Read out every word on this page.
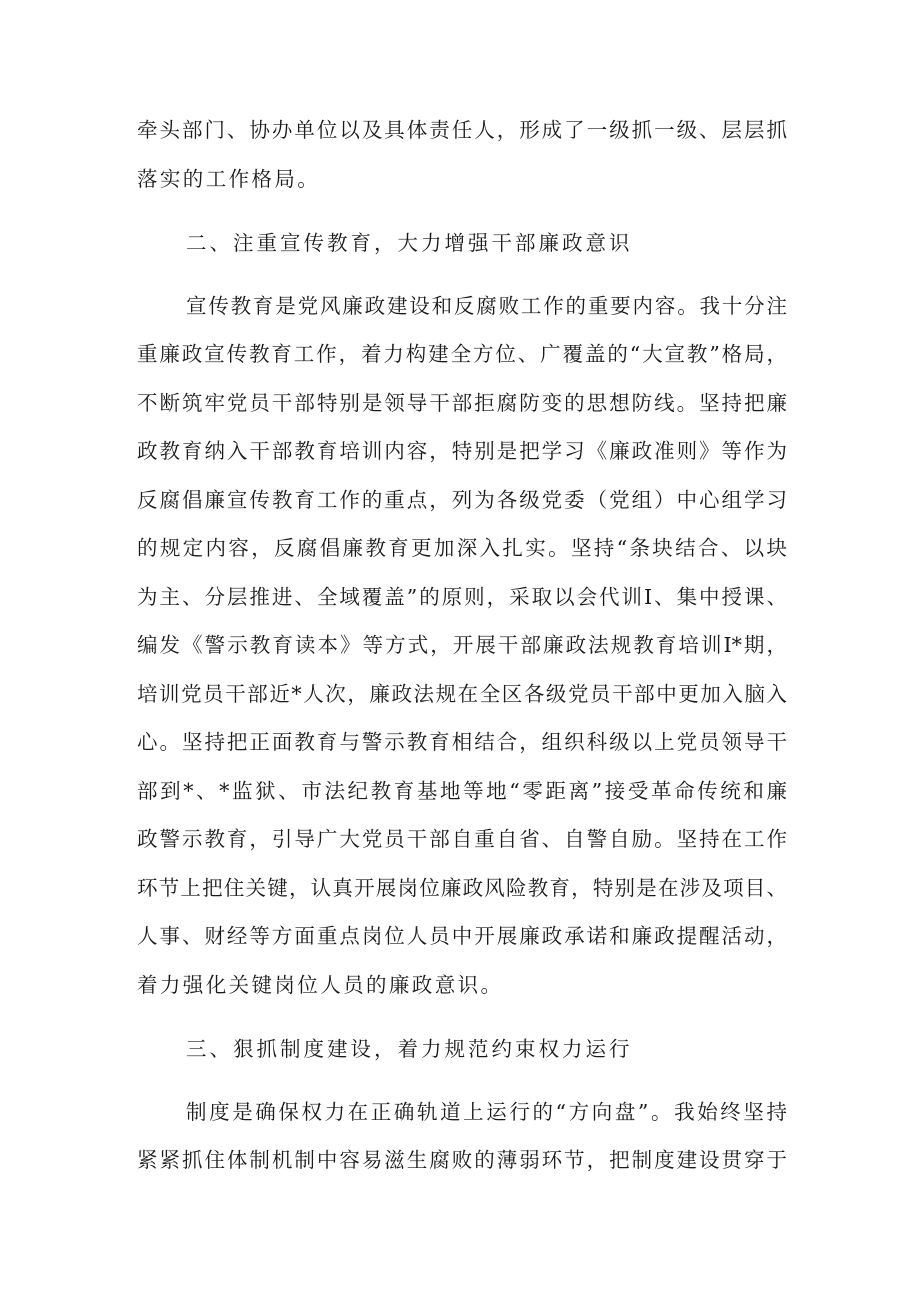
牵头部门、协办单位以及具体责任人，形成了一级抓一级、层层抓
落实的工作格局。
二、注重宣传教育，大力增强干部廉政意识
宣传教育是党风廉政建设和反腐败工作的重要内容。我十分注
重廉政宣传教育工作，着力构建全方位、广覆盖的“大宣教”格局，
不断筑牢党员干部特别是领导干部拒腐防变的思想防线。坚持把廉
政教育纳入干部教育培训内容，特别是把学习《廉政准则》等作为
反腐倡廉宣传教育工作的重点，列为各级党委（党组）中心组学习
的规定内容，反腐倡廉教育更加深入扎实。坚持“条块结合、以块
为主、分层推进、全域覆盖”的原则，采取以会代训I、集中授课、
编发《警示教育读本》等方式，开展干部廉政法规教育培训I*期，
培训党员干部近*人次，廉政法规在全区各级党员干部中更加入脑入
心。坚持把正面教育与警示教育相结合，组织科级以上党员领导干
部到*、*监狱、市法纪教育基地等地“零距离”接受革命传统和廉
政警示教育，引导广大党员干部自重自省、自警自励。坚持在工作
环节上把住关键，认真开展岗位廉政风险教育，特别是在涉及项目、
人事、财经等方面重点岗位人员中开展廉政承诺和廉政提醒活动，
着力强化关键岗位人员的廉政意识。
三、狠抓制度建设，着力规范约束权力运行
制度是确保权力在正确轨道上运行的“方向盘”。我始终坚持
紧紧抓住体制机制中容易滋生腐败的薄弱环节，把制度建设贯穿于
